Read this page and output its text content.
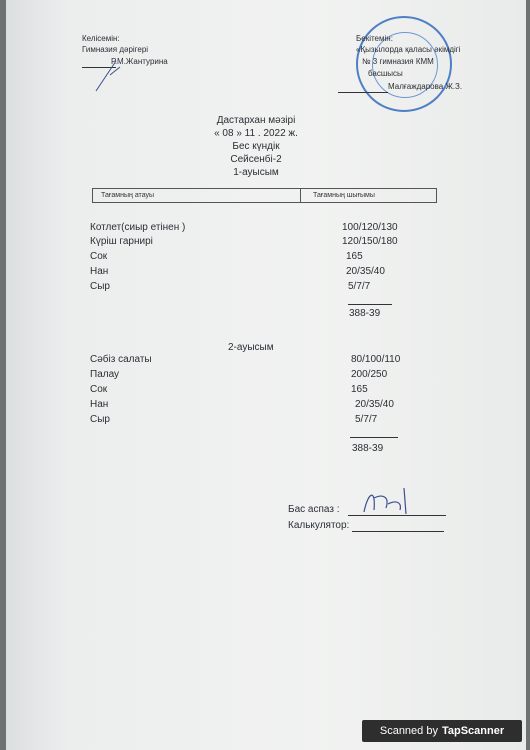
Келісемін:
Гимназия дәрігері
Р.М.Жантурина
Бекітемін:
«Қызылорда қаласы әкімдігі
№ 3 гимназия КММ
басшысы
Малғаждарова Ж.З.
Дастархан мәзірі
« 08 » 11 . 2022 ж.
Бес күндік
Сейсенбі-2
1-ауысым
Тағамның атауы	Тағамның шығымы
Котлет(сиыр етінен )	100/120/130
Күріш гарнирі	120/150/180
Сок	165
Нан	20/35/40
Сыр	5/7/7
388-39
2-ауысым
Сәбіз салаты	80/100/110
Палау	200/250
Сок	165
Нан	20/35/40
Сыр	5/7/7
388-39
Бас аспаз :
Калькулятор:
Scanned by TapScanner
